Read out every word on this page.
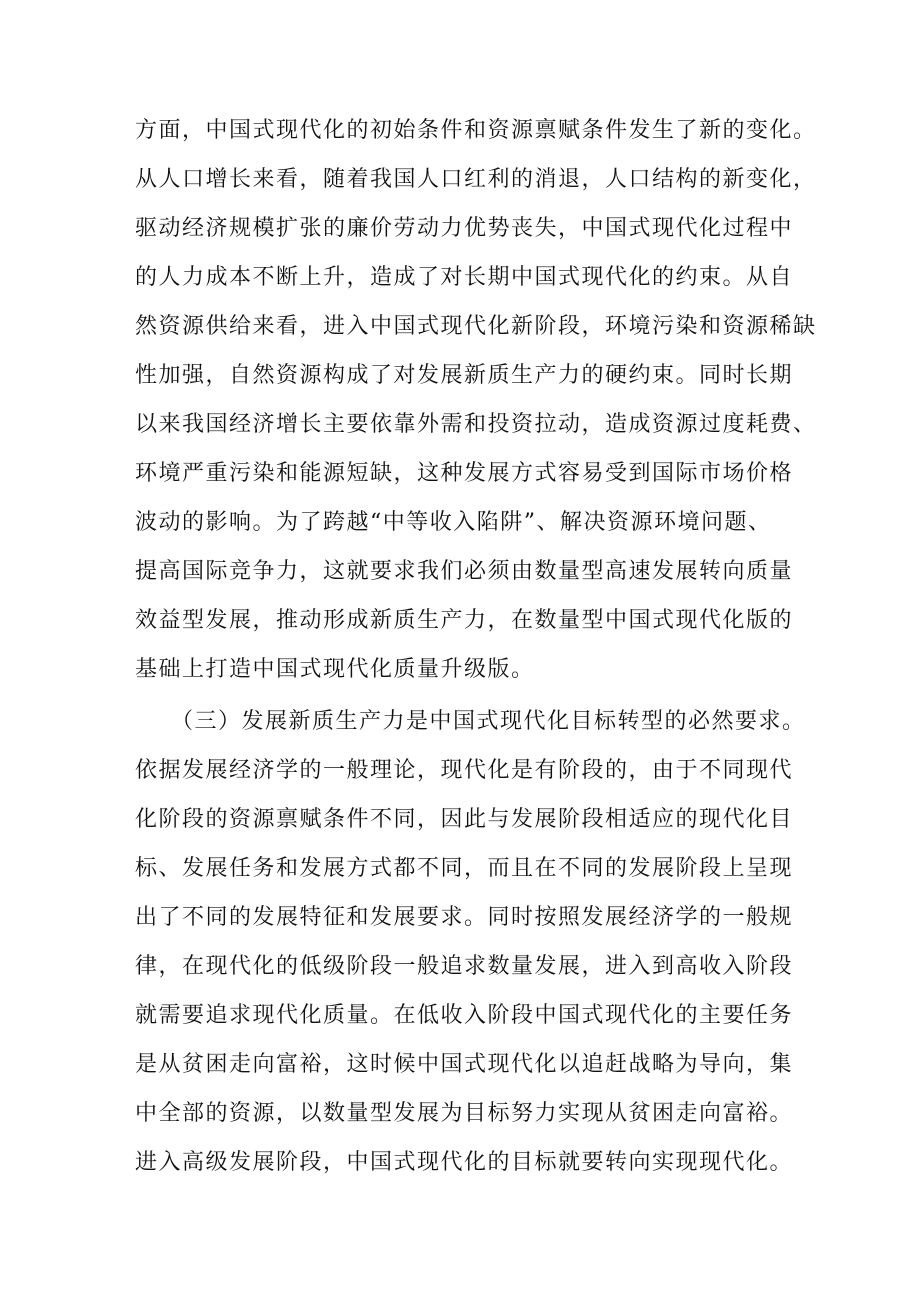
方面，中国式现代化的初始条件和资源禀赋条件发生了新的变化。
从人口增长来看，随着我国人口红利的消退，人口结构的新变化，
驱动经济规模扩张的廉价劳动力优势丧失，中国式现代化过程中
的人力成本不断上升，造成了对长期中国式现代化的约束。从自
然资源供给来看，进入中国式现代化新阶段，环境污染和资源稀缺
性加强，自然资源构成了对发展新质生产力的硬约束。同时长期
以来我国经济增长主要依靠外需和投资拉动，造成资源过度耗费、
环境严重污染和能源短缺，这种发展方式容易受到国际市场价格
波动的影响。为了跨越“中等收入陷阱”、解决资源环境问题、
提高国际竞争力，这就要求我们必须由数量型高速发展转向质量
效益型发展，推动形成新质生产力，在数量型中国式现代化版的
基础上打造中国式现代化质量升级版。
　　（三）发展新质生产力是中国式现代化目标转型的必然要求。
依据发展经济学的一般理论，现代化是有阶段的，由于不同现代
化阶段的资源禀赋条件不同，因此与发展阶段相适应的现代化目
标、发展任务和发展方式都不同，而且在不同的发展阶段上呈现
出了不同的发展特征和发展要求。同时按照发展经济学的一般规
律，在现代化的低级阶段一般追求数量发展，进入到高收入阶段
就需要追求现代化质量。在低收入阶段中国式现代化的主要任务
是从贫困走向富裕，这时候中国式现代化以追赶战略为导向，集
中全部的资源，以数量型发展为目标努力实现从贫困走向富裕。
进入高级发展阶段，中国式现代化的目标就要转向实现现代化。
